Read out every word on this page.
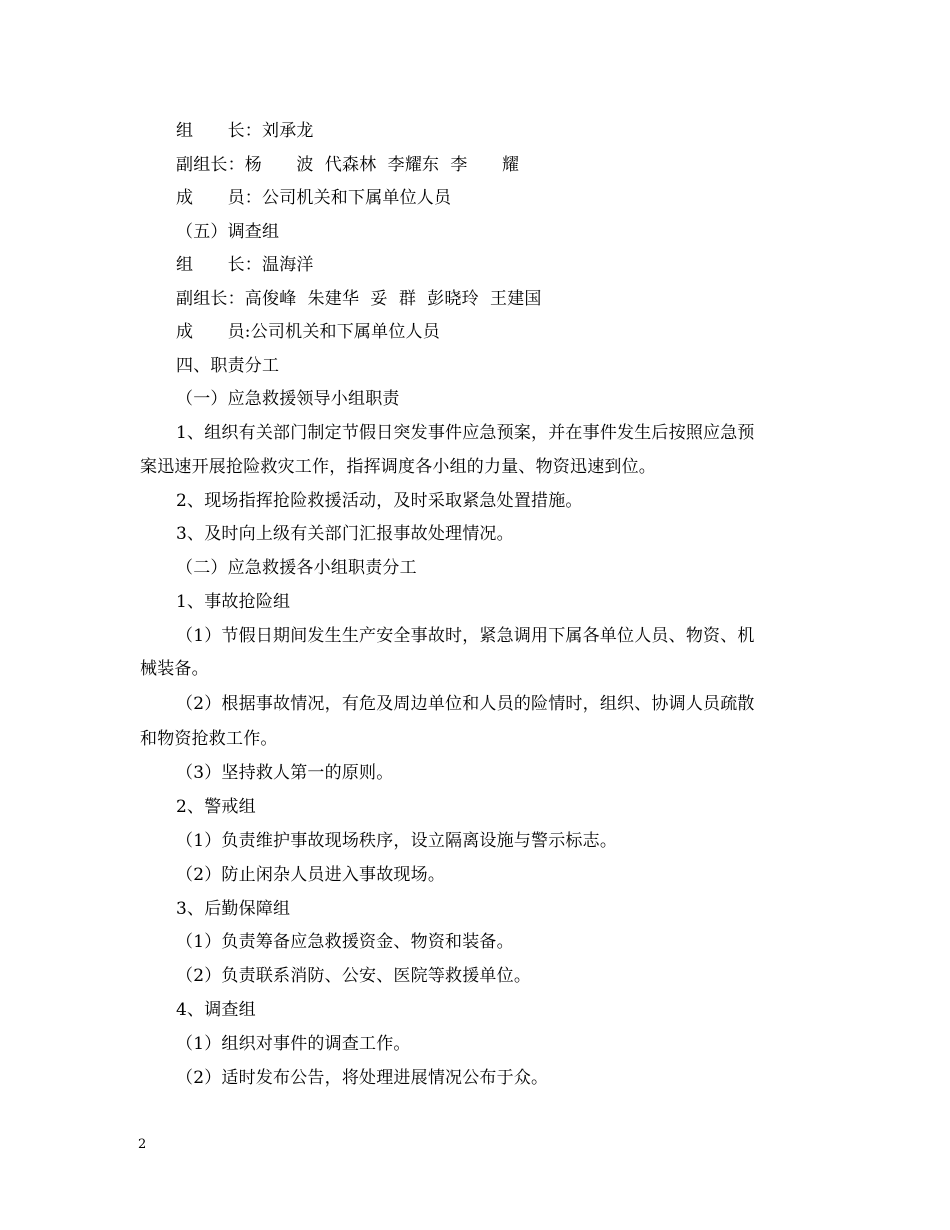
组　　长：刘承龙
副组长：杨　　波  代森林  李耀东  李　　耀
成　　员：公司机关和下属单位人员
（五）调查组
组　　长：温海洋
副组长：高俊峰  朱建华  妥  群  彭晓玲  王建国
成　　员:公司机关和下属单位人员
四、职责分工
（一）应急救援领导小组职责
1、组织有关部门制定节假日突发事件应急预案，并在事件发生后按照应急预
案迅速开展抢险救灾工作，指挥调度各小组的力量、物资迅速到位。
2、现场指挥抢险救援活动，及时采取紧急处置措施。
3、及时向上级有关部门汇报事故处理情况。
（二）应急救援各小组职责分工
1、事故抢险组
（1）节假日期间发生生产安全事故时，紧急调用下属各单位人员、物资、机
械装备。
（2）根据事故情况，有危及周边单位和人员的险情时，组织、协调人员疏散
和物资抢救工作。
（3）坚持救人第一的原则。
2、警戒组
（1）负责维护事故现场秩序，设立隔离设施与警示标志。
（2）防止闲杂人员进入事故现场。
3、后勤保障组
（1）负责筹备应急救援资金、物资和装备。
（2）负责联系消防、公安、医院等救援单位。
4、调查组
（1）组织对事件的调查工作。
（2）适时发布公告，将处理进展情况公布于众。
2
